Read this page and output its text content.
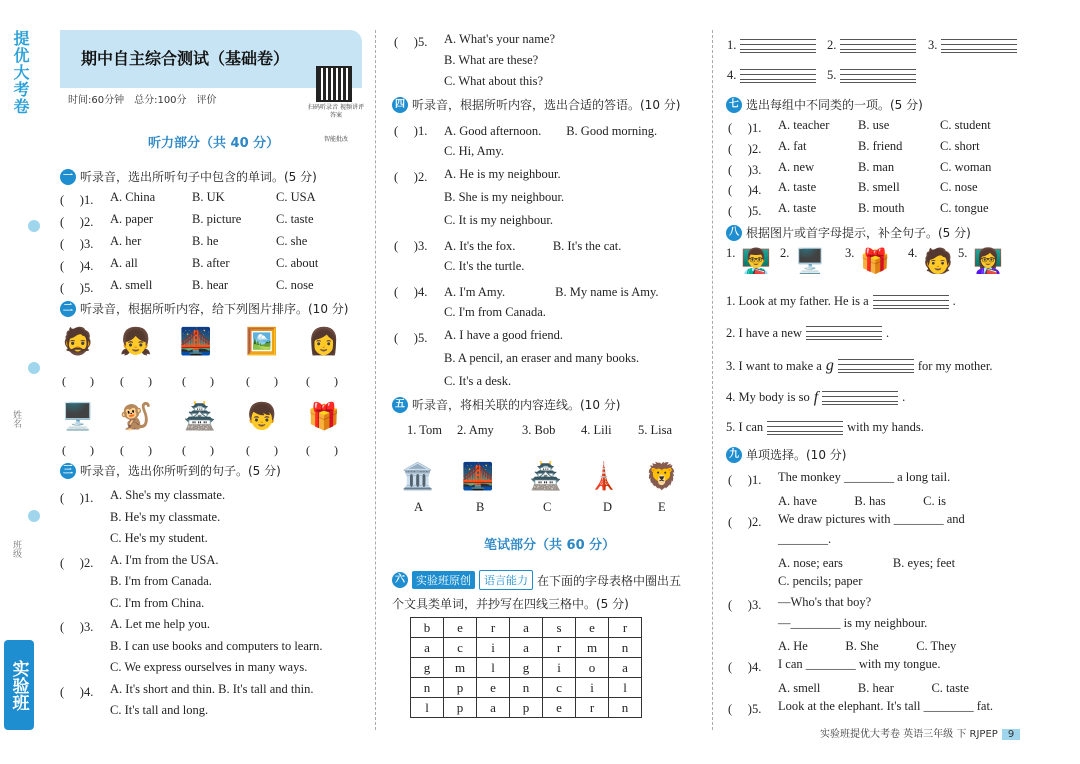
提优大考卷
姓名
班级
实验班
期中自主综合测试（基础卷）
时间:60分钟　总分:100分　评价
扫码听录音 视频讲评答案

智能批改
听力部分（共 40 分）
一 听录音，选出所听句子中包含的单词。(5 分)
( 　)1. A. China	B. UK	C. USA
( 　)2. A. paper	B. picture	C. taste
( 　)3. A. her	B. he	C. she
( 　)4. A. all	B. after	C. about
( 　)5. A. smell	B. hear	C. nose
二 听录音，根据所听内容，给下列图片排序。(10 分)
🧔 👧 🌉 🖼️ 👩
🖥️ 🐒 🏯 👦 🎁
(　　) (　　)	(　　)	(　　) (　　)
(　　) (　　)	(　　)	(　　) (　　)
三 听录音，选出你所听到的句子。(5 分)
( 　)1. A. She's my classmate.
B. He's my classmate.
C. He's my student.
( 　)2. A. I'm from the USA.
B. I'm from Canada.
C. I'm from China.
( 　)3. A. Let me help you.
B. I can use books and computers to learn.
C. We express ourselves in many ways.
( 　)4. A. It's short and thin. B. It's tall and thin.
C. It's tall and long.
( 　)5. A. What's your name?
B. What are these?
C. What about this?
四 听录音，根据所听内容，选出合适的答语。(10 分)
( 　)1. A. Good afternoon.　　B. Good morning.
C. Hi, Amy.
( 　)2. A. He is my neighbour.
B. She is my neighbour.
C. It is my neighbour.
( 　)3. A. It's the fox.　　　B. It's the cat.
C. It's the turtle.
( 　)4. A. I'm Amy.　　　　B. My name is Amy.
C. I'm from Canada.
( 　)5. A. I have a good friend.
B. A pencil, an eraser and many books.
C. It's a desk.
五 听录音，将相关联的内容连线。(10 分)
1. Tom 2. Amy 3. Bob 4. Lili 5. Lisa
🏛️ 🌉 🏯 🗼 🦁
A	B	C	D	E
笔试部分（共 60 分）
六	实验班原创	语言能力 在下面的字母表格中圈出五
个文具类单词，并抄写在四线三格中。(5 分)
b	e	r	a	s	e	r
a	c	i	a	r	m	n
g	m	l	g	i	o	a
n	p	e	n	c	i	l
l	p	a	p	e	r	n
1.	2.	3.
4.	5.
七 选出每组中不同类的一项。(5 分)
( 　)1. A. teacher B. use	C. student
( 　)2. A. fat	B. friend	C. short
( 　)3. A. new	B. man	C. woman
( 　)4. A. taste	B. smell	C. nose
( 　)5. A. taste	B. mouth	C. tongue
八 根据图片或首字母提示，补全句子。(5 分)
1. 👨‍🏫 2. 🖥️ 3. 🎁 4. 🧑 5. 👩‍🏫
1. Look at my father. He is a	.
2. I have a new	.
3. I want to make a g	for my mother.
4. My body is so f	.
5. I can	with my hands.
九 单项选择。(10 分)
( 　)1. The monkey ________ a long tail.
A. have　　　B. has　　　C. is
( 　)2. We draw pictures with ________ and
________.
A. nose; ears　　　　B. eyes; feet
C. pencils; paper
( 　)3. —Who's that boy?
—________ is my neighbour.
A. He　　　B. She　　　C. They
( 　)4. I can ________ with my tongue.
A. smell　　　B. hear　　　C. taste
( 　)5. Look at the elephant. It's tall ________ fat.
实验班提优大考卷 英语三年级 下 RJPEP 9
